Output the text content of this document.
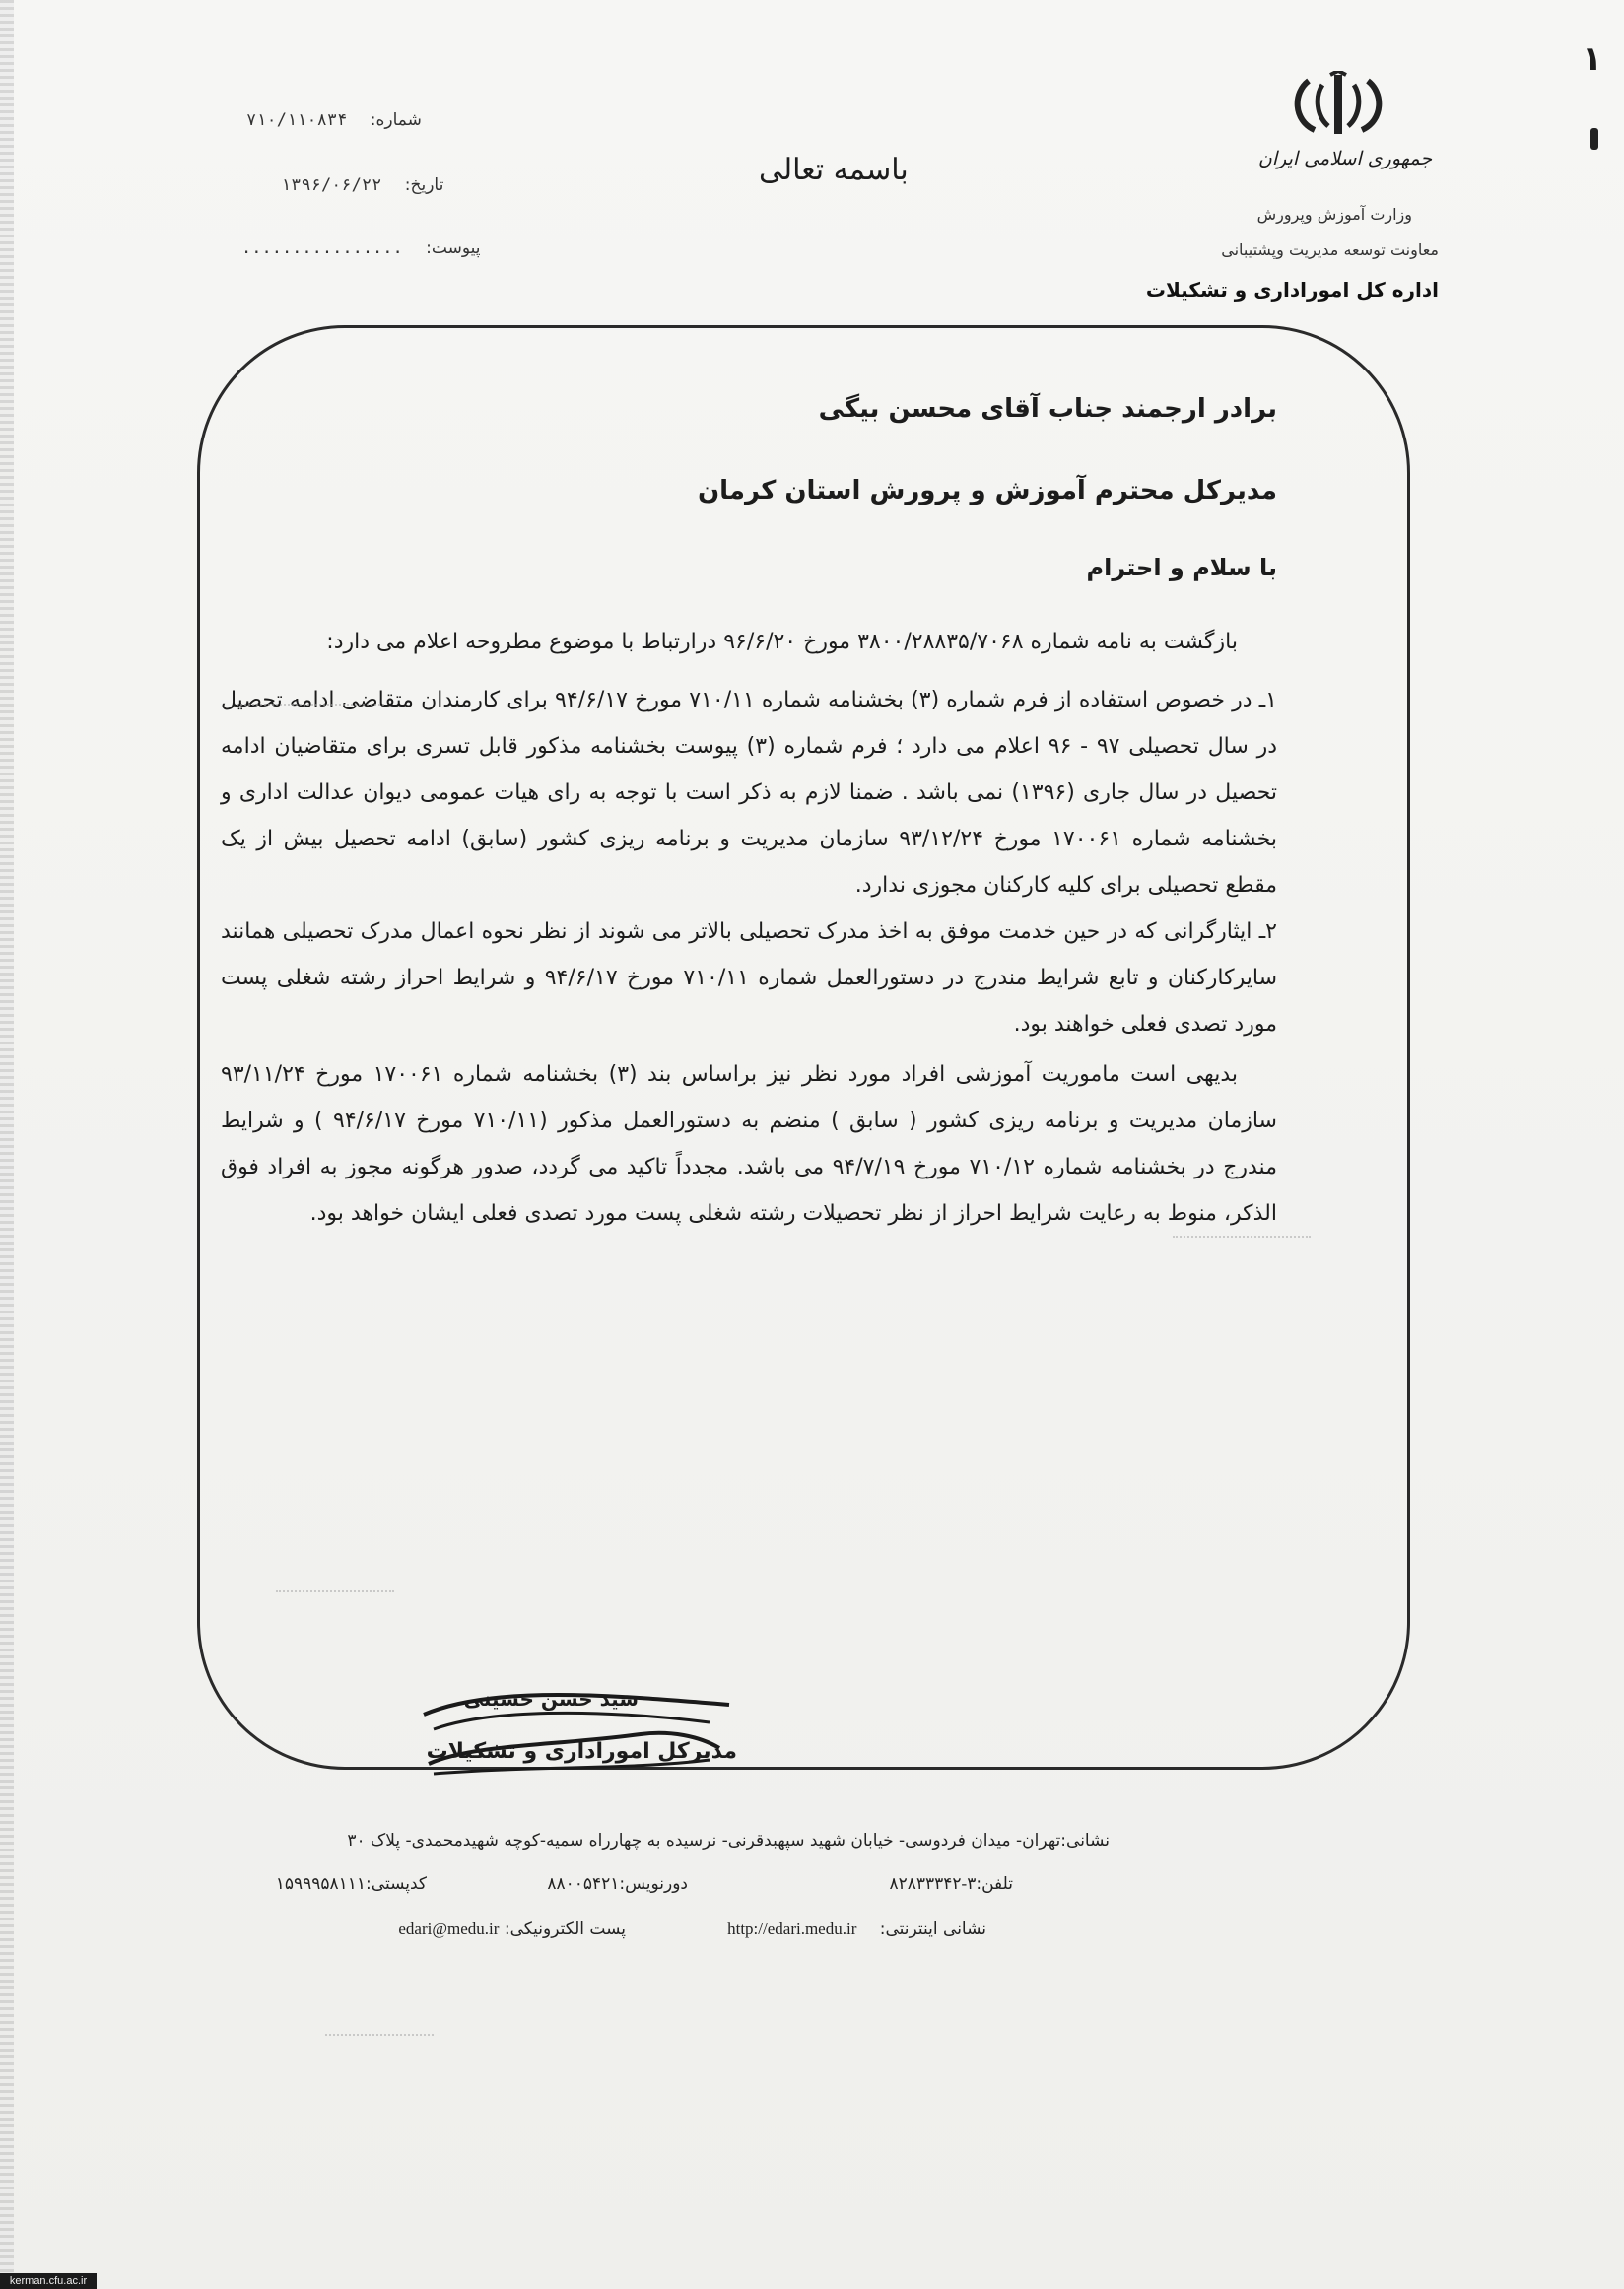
۱
جمهوری اسلامی ایران
وزارت آموزش وپرورش
معاونت توسعه مدیریت وپشتیبانی
اداره کل اموراداری و تشکیلات
باسمه تعالی
شماره: ۷۱۰/۱۱۰۸۳۴
تاریخ: ۱۳۹۶/۰۶/۲۲
پیوست: ................
برادر ارجمند جناب آقای محسن بیگی
مدیرکل محترم آموزش و پرورش استان کرمان
با سلام و احترام

بازگشت به نامه شماره ۳۸۰۰/۲۸۸۳۵/۷۰۶۸ مورخ ۹۶/۶/۲۰ درارتباط با موضوع مطروحه اعلام می دارد:

۱ـ در خصوص استفاده از فرم شماره (۳) بخشنامه شماره ۷۱۰/۱۱ مورخ ۹۴/۶/۱۷ برای کارمندان متقاضی ادامه تحصیل در سال تحصیلی ۹۷ - ۹۶ اعلام می دارد ؛ فرم شماره (۳) پیوست بخشنامه مذکور قابل تسری برای متقاضیان ادامه تحصیل در سال جاری (۱۳۹۶) نمی باشد . ضمنا لازم به ذکر است با توجه به رای هیات عمومی دیوان عدالت اداری و بخشنامه شماره ۱۷۰۰۶۱ مورخ ۹۳/۱۲/۲۴ سازمان مدیریت و برنامه ریزی کشور (سابق) ادامه تحصیل بیش از یک مقطع تحصیلی برای کلیه کارکنان مجوزی ندارد.

۲ـ ایثارگرانی که در حین خدمت موفق به اخذ مدرک تحصیلی بالاتر می شوند از نظر نحوه اعمال مدرک تحصیلی همانند سایرکارکنان و تابع شرایط مندرج در دستورالعمل شماره ۷۱۰/۱۱ مورخ ۹۴/۶/۱۷ و شرایط احراز رشته شغلی پست مورد تصدی فعلی خواهند بود.

بدیهی است ماموریت آموزشی افراد مورد نظر نیز براساس بند (۳) بخشنامه شماره ۱۷۰۰۶۱ مورخ ۹۳/۱۱/۲۴ سازمان مدیریت و برنامه ریزی کشور ( سابق ) منضم به دستورالعمل مذکور (۷۱۰/۱۱ مورخ ۹۴/۶/۱۷ ) و شرایط مندرج در بخشنامه شماره ۷۱۰/۱۲ مورخ ۹۴/۷/۱۹ می باشد. مجدداً تاکید می گردد، صدور هرگونه مجوز به افراد فوق الذکر، منوط به رعایت شرایط احراز از نظر تحصیلات رشته شغلی پست مورد تصدی فعلی ایشان خواهد بود.

سید حسن حسینی
مدیرکل اموراداری و تشکیلات
نشانی:تهران- میدان فردوسی- خیابان شهید سپهبدقرنی- نرسیده به چهارراه سمیه-کوچه شهیدمحمدی- پلاک ۳۰
تلفن:۳-۸۲۸۳۳۳۴۲
دورنویس:۸۸۰۰۵۴۲۱
کدپستی:۱۵۹۹۹۵۸۱۱۱
نشانی اینترنتی: http://edari.medu.ir
پست الکترونیکی: edari@medu.ir
kerman.cfu.ac.ir
